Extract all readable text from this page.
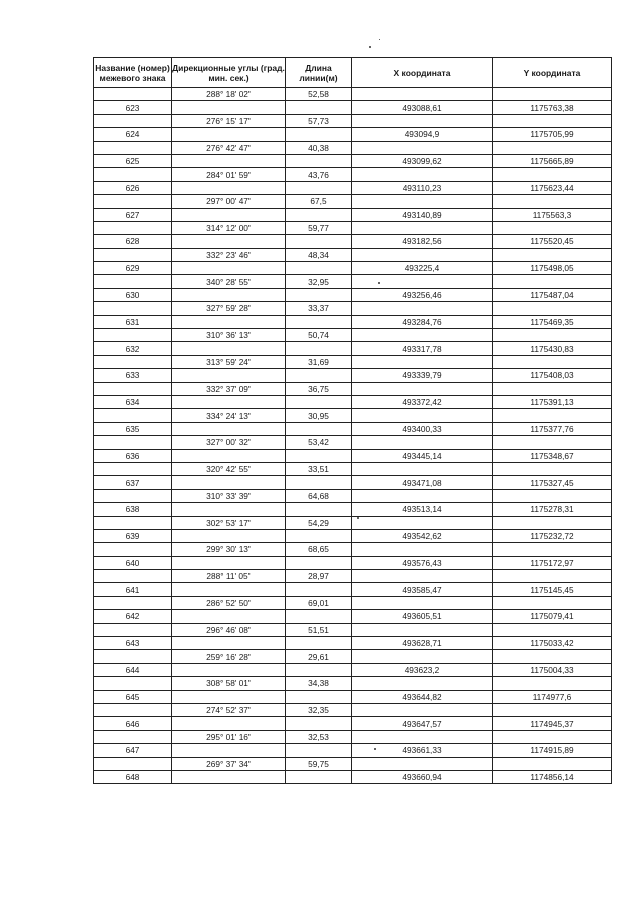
Название (номер) межевого знака	Дирекционные углы (град. мин. сек.)	Длина линии(м)	X координата	Y координата
	288° 18' 02"	52,58		
623			493088,61	1175763,38
	276° 15' 17"	57,73		
624			493094,9	1175705,99
	276° 42' 47"	40,38		
625			493099,62	1175665,89
	284° 01' 59"	43,76		
626			493110,23	1175623,44
	297° 00' 47"	67,5		
627			493140,89	1175563,3
	314° 12' 00"	59,77		
628			493182,56	1175520,45
	332° 23' 46"	48,34		
629			493225,4	1175498,05
	340° 28' 55"	32,95		
630			493256,46	1175487,04
	327° 59' 28"	33,37		
631			493284,76	1175469,35
	310° 36' 13"	50,74		
632			493317,78	1175430,83
	313° 59' 24"	31,69		
633			493339,79	1175408,03
	332° 37' 09"	36,75		
634			493372,42	1175391,13
	334° 24' 13"	30,95		
635			493400,33	1175377,76
	327° 00' 32"	53,42		
636			493445,14	1175348,67
	320° 42' 55"	33,51		
637			493471,08	1175327,45
	310° 33' 39"	64,68		
638			493513,14	1175278,31
	302° 53' 17"	54,29		
639			493542,62	1175232,72
	299° 30' 13"	68,65		
640			493576,43	1175172,97
	288° 11' 05"	28,97		
641			493585,47	1175145,45
	286° 52' 50"	69,01		
642			493605,51	1175079,41
	296° 46' 08"	51,51		
643			493628,71	1175033,42
	259° 16' 28"	29,61		
644			493623,2	1175004,33
	308° 58' 01"	34,38		
645			493644,82	1174977,6
	274° 52' 37"	32,35		
646			493647,57	1174945,37
	295° 01' 16"	32,53		
647			493661,33	1174915,89
	269° 37' 34"	59,75		
648			493660,94	1174856,14
